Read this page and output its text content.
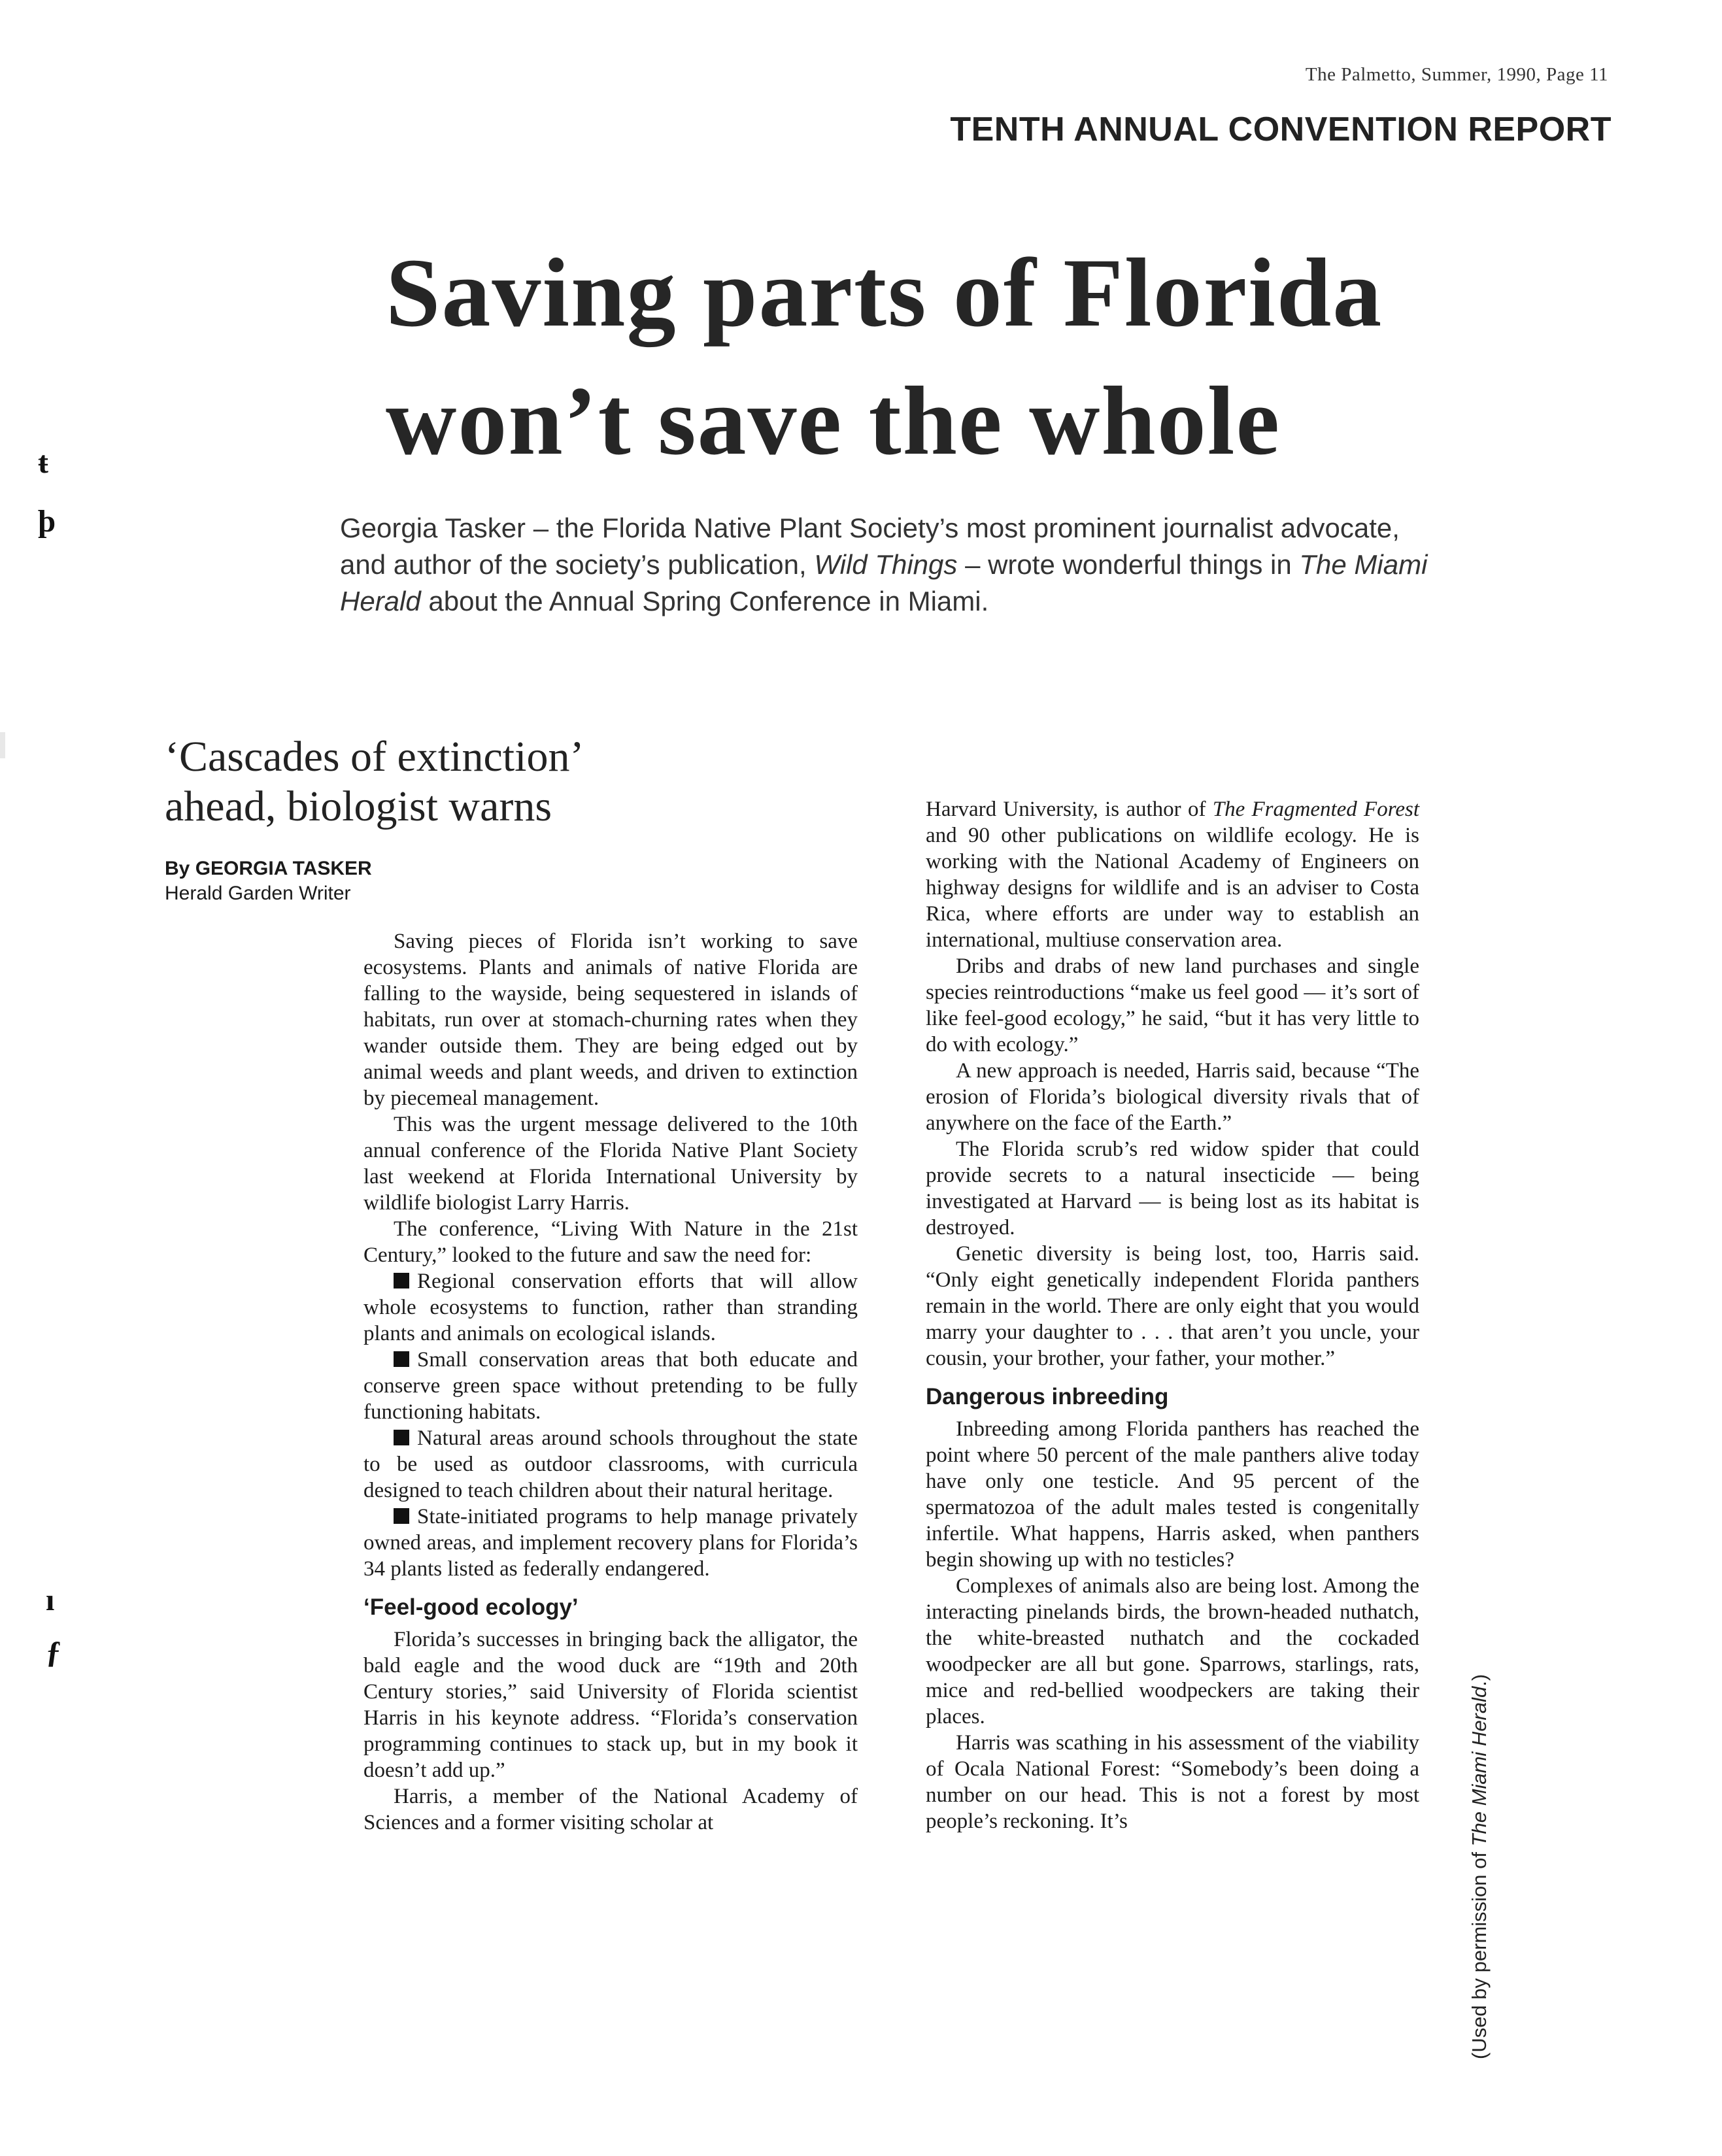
ŧ
þ
ı
ƒ
The Palmetto, Summer, 1990, Page 11
TENTH ANNUAL CONVENTION REPORT
Saving parts of Florida
won’t save the whole
Georgia Tasker – the Florida Native Plant Society’s most prominent journalist advocate, and author of the society’s publication, Wild Things – wrote wonderful things in The Miami Herald about the Annual Spring Conference in Miami.
‘Cascades of extinction’
ahead, biologist warns
By GEORGIA TASKER
Herald Garden Writer

Saving pieces of Florida isn’t working to save ecosystems. Plants and animals of native Florida are falling to the wayside, being sequestered in islands of habitats, run over at stomach-churning rates when they wander outside them. They are being edged out by animal weeds and plant weeds, and driven to extinction by piecemeal management.

This was the urgent message delivered to the 10th annual conference of the Florida Native Plant Society last weekend at Florida International University by wildlife biologist Larry Harris.

The conference, “Living With Nature in the 21st Century,” looked to the future and saw the need for:

Regional conservation efforts that will allow whole ecosystems to function, rather than stranding plants and animals on ecological islands.

Small conservation areas that both educate and conserve green space without pretending to be fully functioning habitats.

Natural areas around schools throughout the state to be used as outdoor classrooms, with curricula designed to teach children about their natural heritage.

State-initiated programs to help manage privately owned areas, and implement recovery plans for Florida’s 34 plants listed as federally endangered.

‘Feel-good ecology’

Florida’s successes in bringing back the alligator, the bald eagle and the wood duck are “19th and 20th Century stories,” said University of Florida scientist Harris in his keynote address. “Florida’s conservation programming continues to stack up, but in my book it doesn’t add up.”

Harris, a member of the National Academy of Sciences and a former visiting scholar at

Harvard University, is author of The Fragmented Forest and 90 other publications on wildlife ecology. He is working with the National Academy of Engineers on highway designs for wildlife and is an adviser to Costa Rica, where efforts are under way to establish an international, multiuse conservation area.

Dribs and drabs of new land purchases and single species reintroductions “make us feel good — it’s sort of like feel-good ecology,” he said, “but it has very little to do with ecology.”

A new approach is needed, Harris said, because “The erosion of Florida’s biological diversity rivals that of anywhere on the face of the Earth.”

The Florida scrub’s red widow spider that could provide secrets to a natural insecticide — being investigated at Harvard — is being lost as its habitat is destroyed.

Genetic diversity is being lost, too, Harris said. “Only eight genetically independent Florida panthers remain in the world. There are only eight that you would marry your daughter to . . . that aren’t you uncle, your cousin, your brother, your father, your mother.”

Dangerous inbreeding

Inbreeding among Florida panthers has reached the point where 50 percent of the male panthers alive today have only one testicle. And 95 percent of the spermatozoa of the adult males tested is congenitally infertile. What happens, Harris asked, when panthers begin showing up with no testicles?

Complexes of animals also are being lost. Among the interacting pinelands birds, the brown-headed nuthatch, the white-breasted nuthatch and the cockaded woodpecker are all but gone. Sparrows, starlings, rats, mice and red-bellied woodpeckers are taking their places.

Harris was scathing in his assessment of the viability of Ocala National Forest: “Somebody’s been doing a number on our head. This is not a forest by most people’s reckoning. It’s

(Used by permission of The Miami Herald.)
